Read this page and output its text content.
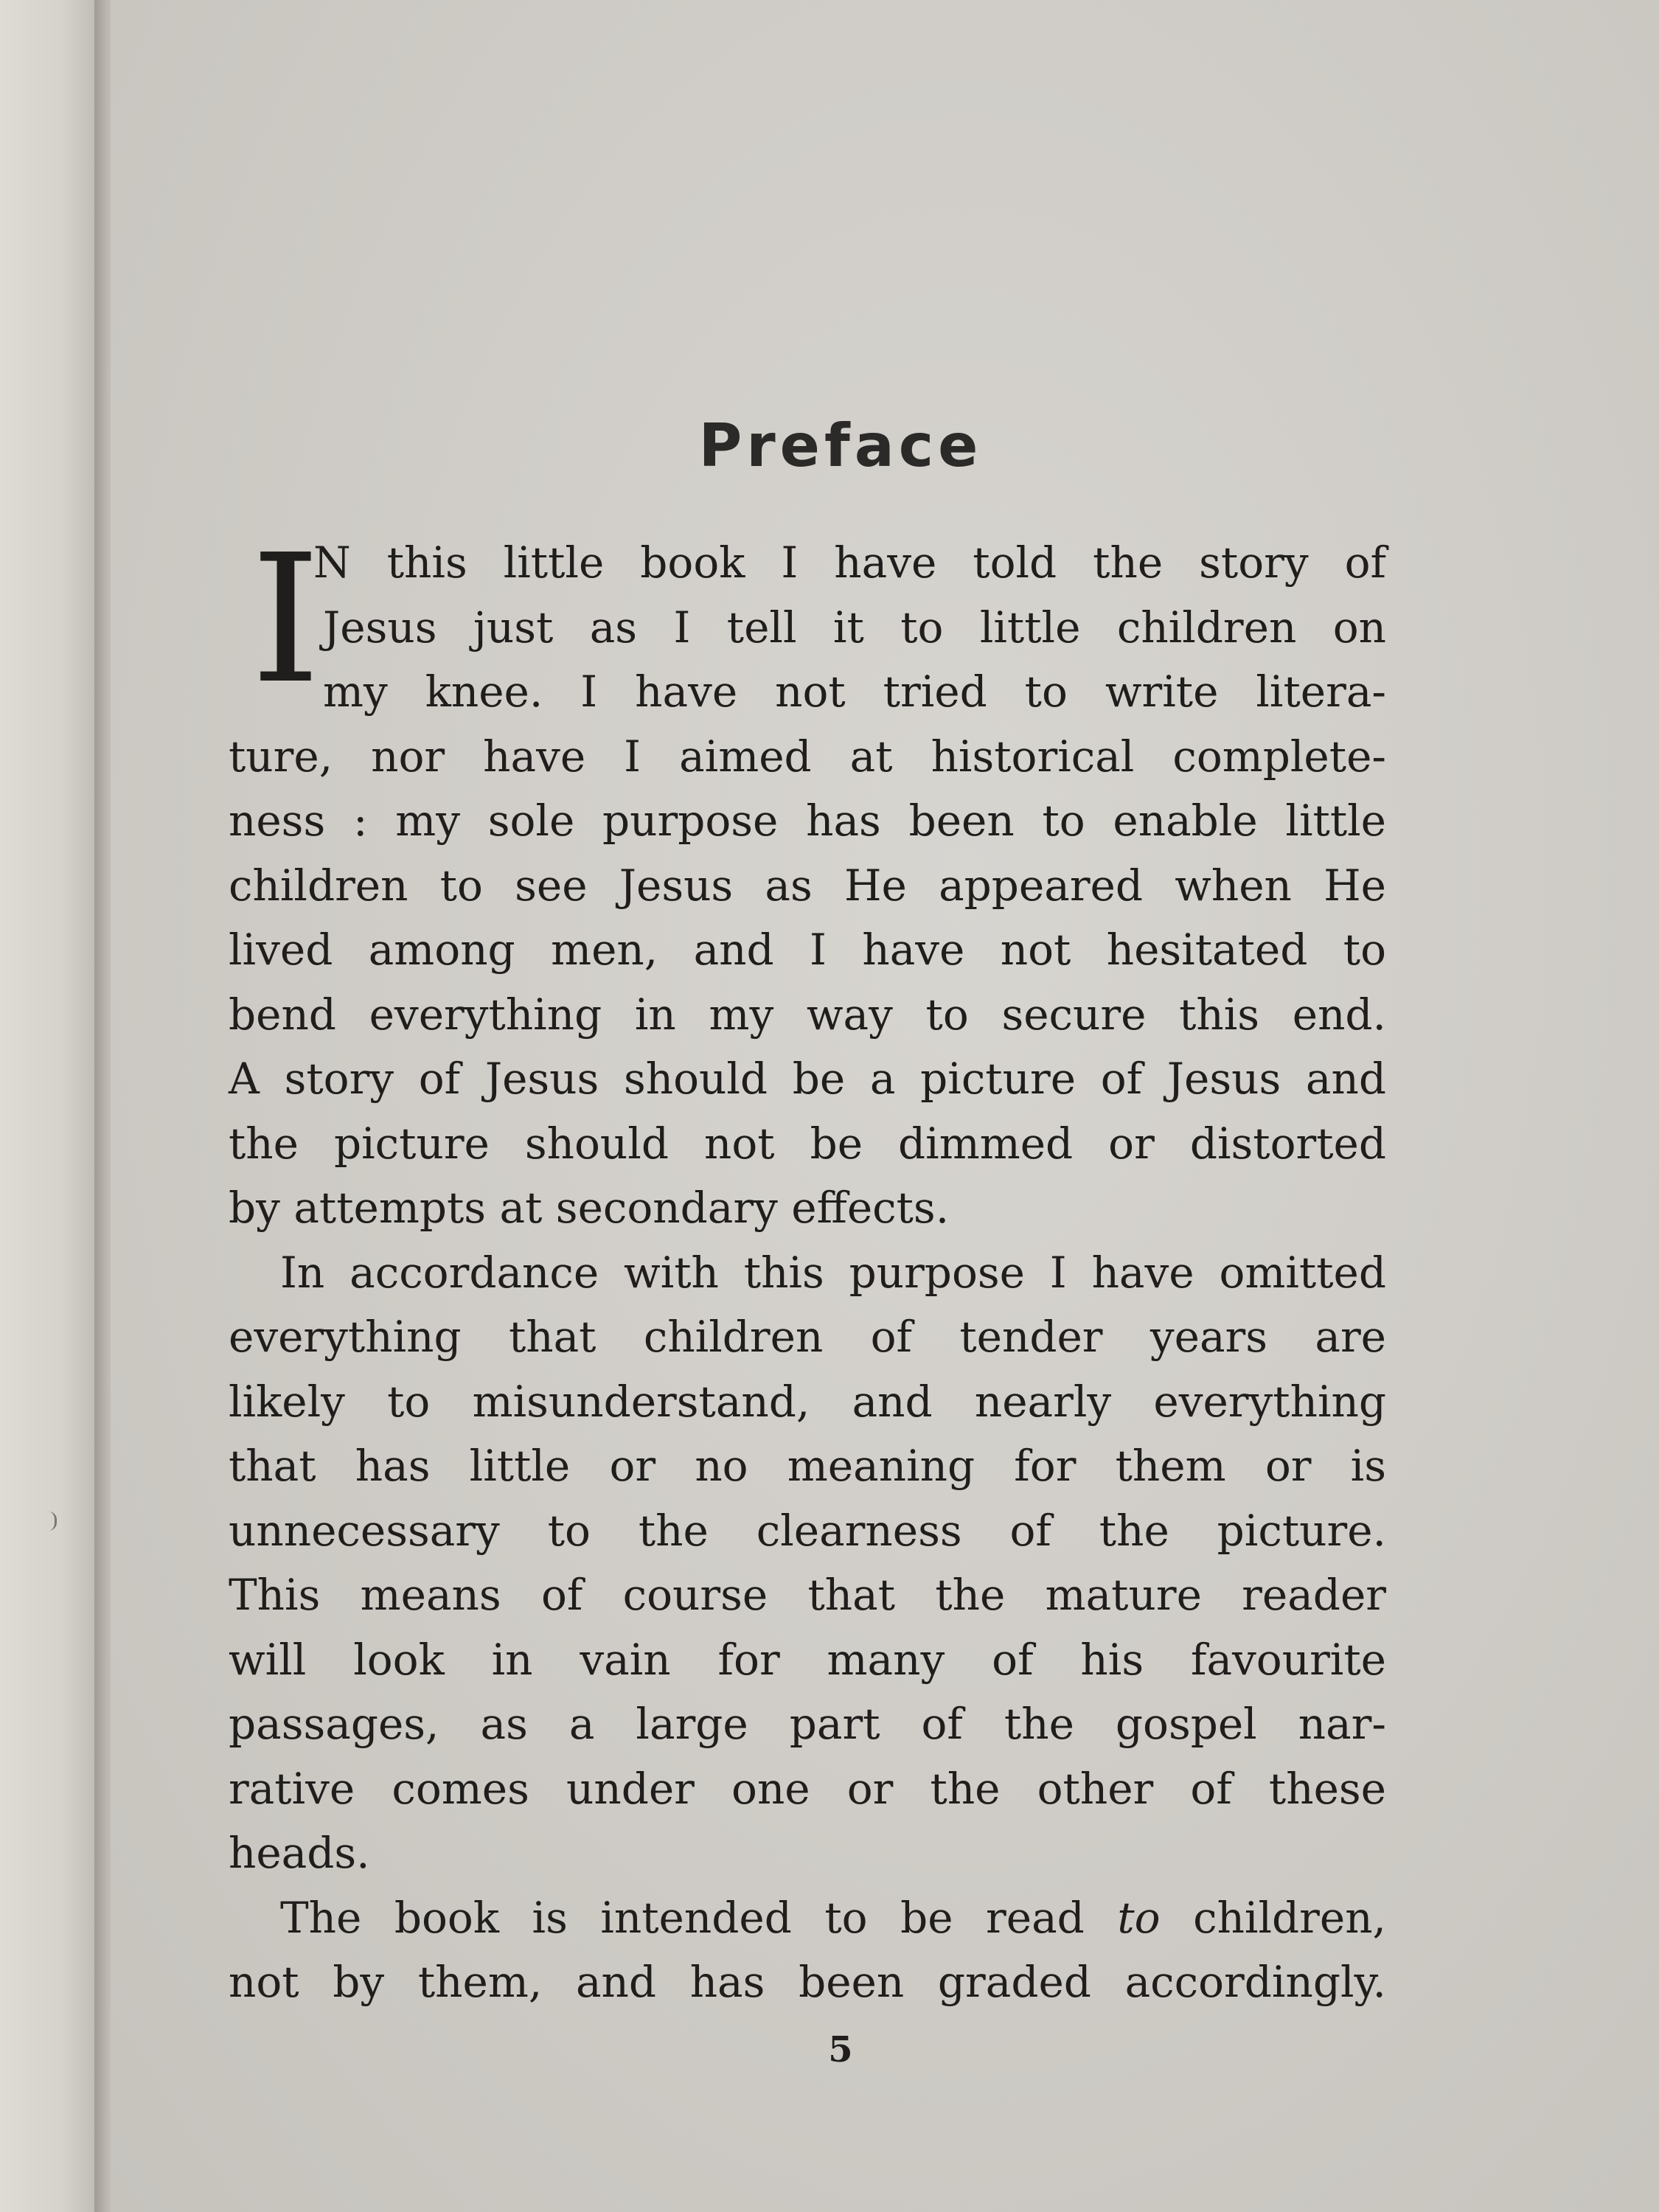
Preface
I
N this little book I have told the story of
Jesus just as I tell it to little children on
my knee. I have not tried to write litera-
ture, nor have I aimed at historical complete-
ness : my sole purpose has been to enable little
children to see Jesus as He appeared when He
lived among men, and I have not hesitated to
bend everything in my way to secure this end.
A story of Jesus should be a picture of Jesus and
the picture should not be dimmed or distorted
by attempts at secondary effects.
In accordance with this purpose I have omitted
everything that children of tender years are
likely to misunderstand, and nearly everything
that has little or no meaning for them or is
unnecessary to the clearness of the picture.
This means of course that the mature reader
will look in vain for many of his favourite
passages, as a large part of the gospel nar-
rative comes under one or the other of these
heads.
The book is intended to be read to children,
not by them, and has been graded accordingly.
5
